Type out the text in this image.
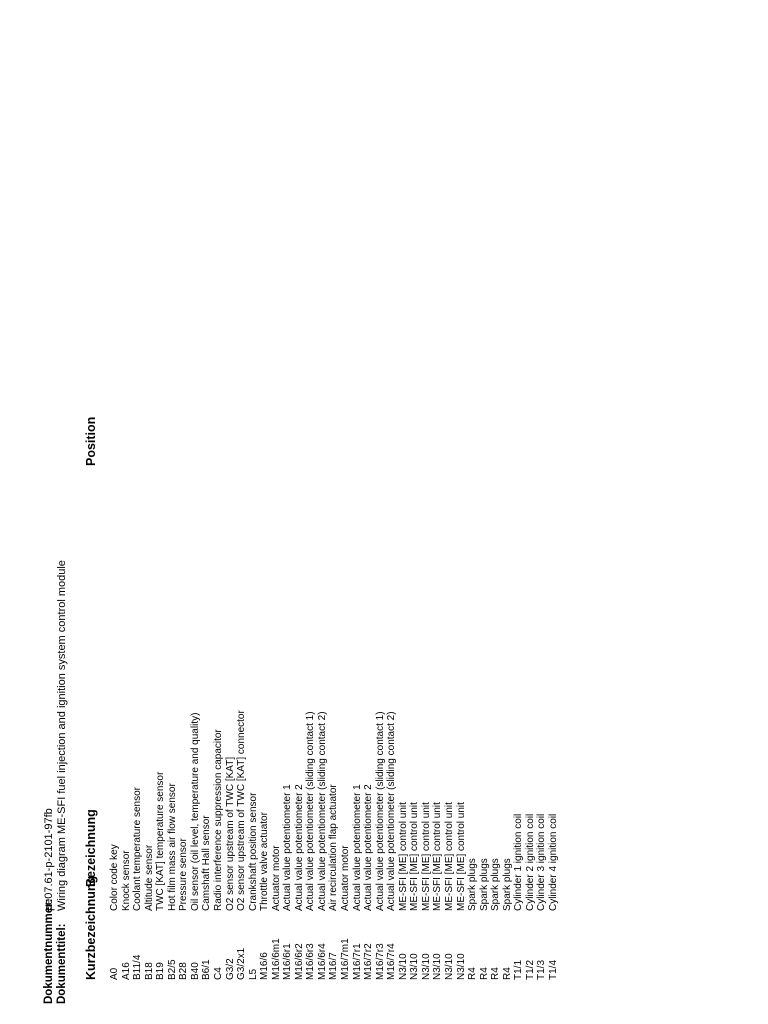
Dokumentnummer:
pe07.61-p-2101-97fb
Dokumenttitel:
Wiring diagram ME-SFI fuel injection and ignition system control module
Kurzbezeichnung
Bezeichnung
Position
A0
Color code key
A16
Knock sensor
B11/4
Coolant temperature sensor
B18
Altitude sensor
B19
TWC [KAT] temperature sensor
B2/5
Hot film mass air flow sensor
B28
Pressure sensor
B40
Oil sensor (oil level, temperature and quality)
B6/1
Camshaft Hall sensor
C4
Radio interference suppression capacitor
G3/2
O2 sensor upstream of TWC [KAT]
G3/2x1
O2 sensor upstream of TWC [KAT] connector
L5
Crankshaft position sensor
M16/6
Throttle valve actuator
M16/6m1
Actuator motor
M16/6r1
Actual value potentiometer 1
M16/6r2
Actual value potentiometer 2
M16/6r3
Actual value potentiometer (sliding contact 1)
M16/6r4
Actual value potentiometer (sliding contact 2)
M16/7
Air recirculation flap actuator
M16/7m1
Actuator motor
M16/7r1
Actual value potentiometer 1
M16/7r2
Actual value potentiometer 2
M16/7r3
Actual value potentiometer (sliding contact 1)
M16/7r4
Actual value potentiometer (sliding contact 2)
N3/10
ME-SFI [ME] control unit
N3/10
ME-SFI [ME] control unit
N3/10
ME-SFI [ME] control unit
N3/10
ME-SFI [ME] control unit
N3/10
ME-SFI [ME] control unit
N3/10
ME-SFI [ME] control unit
R4
Spark plugs
R4
Spark plugs
R4
Spark plugs
R4
Spark plugs
T1/1
Cylinder 1 ignition coil
T1/2
Cylinder 2 ignition coil
T1/3
Cylinder 3 ignition coil
T1/4
Cylinder 4 ignition coil
